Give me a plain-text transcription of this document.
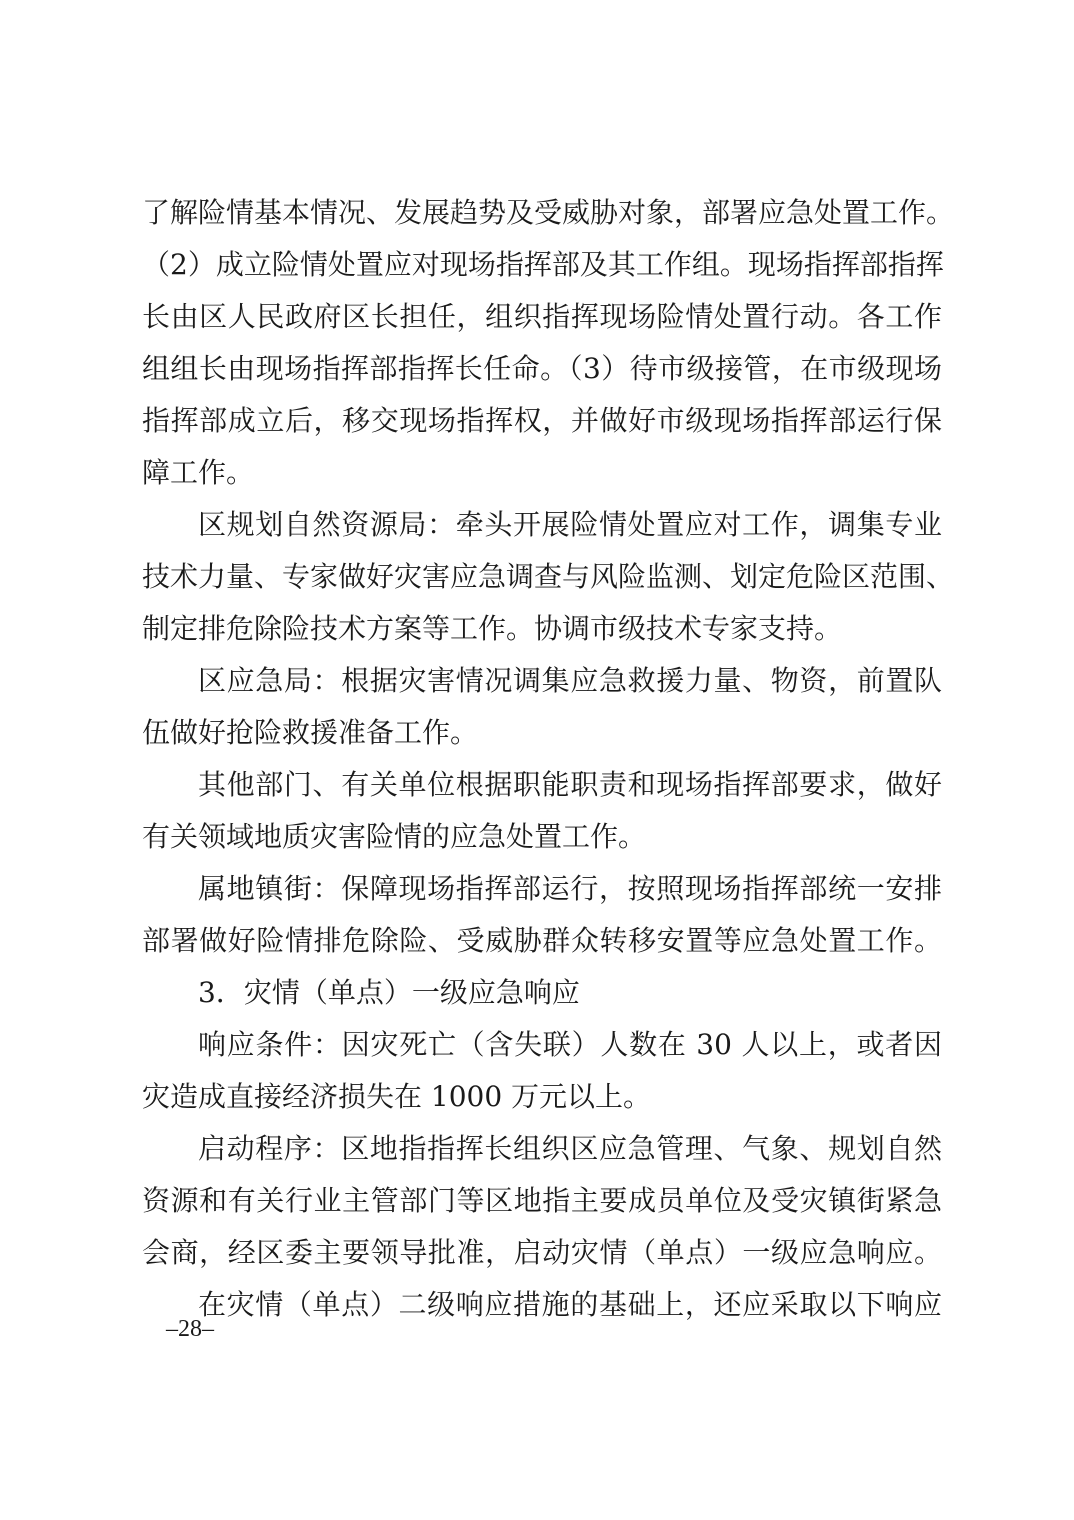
了解险情基本情况、发展趋势及受威胁对象，部署应急处置工作。
（2）成立险情处置应对现场指挥部及其工作组。现场指挥部指挥
长由区人民政府区长担任，组织指挥现场险情处置行动。各工作
组组长由现场指挥部指挥长任命。（3）待市级接管，在市级现场
指挥部成立后，移交现场指挥权，并做好市级现场指挥部运行保
障工作。
区规划自然资源局：牵头开展险情处置应对工作，调集专业
技术力量、专家做好灾害应急调查与风险监测、划定危险区范围、
制定排危除险技术方案等工作。协调市级技术专家支持。
区应急局：根据灾害情况调集应急救援力量、物资，前置队
伍做好抢险救援准备工作。
其他部门、有关单位根据职能职责和现场指挥部要求，做好
有关领域地质灾害险情的应急处置工作。
属地镇街：保障现场指挥部运行，按照现场指挥部统一安排
部署做好险情排危除险、受威胁群众转移安置等应急处置工作。
3．灾情（单点）一级应急响应
响应条件：因灾死亡（含失联）人数在 30 人以上，或者因
灾造成直接经济损失在 1000 万元以上。
启动程序：区地指指挥长组织区应急管理、气象、规划自然
资源和有关行业主管部门等区地指主要成员单位及受灾镇街紧急
会商，经区委主要领导批准，启动灾情（单点）一级应急响应。
在灾情（单点）二级响应措施的基础上，还应采取以下响应
–28–
